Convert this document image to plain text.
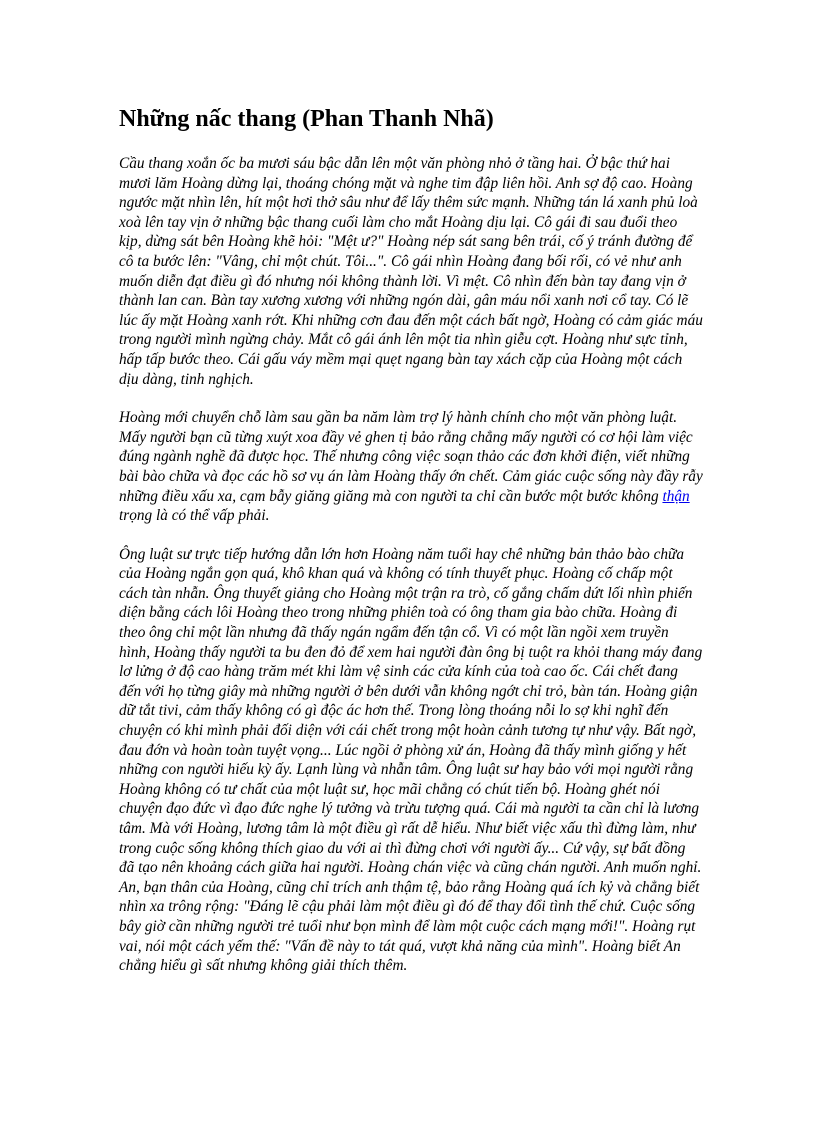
Những nấc thang (Phan Thanh Nhã)

Cầu thang xoắn ốc ba mươi sáu bậc dẫn lên một văn phòng nhỏ ở tầng hai. Ở bậc thứ hai mươi lăm Hoàng dừng lại, thoáng chóng mặt và nghe tim đập liên hồi. Anh sợ độ cao. Hoàng ngước mặt nhìn lên, hít một hơi thở sâu như để lấy thêm sức mạnh. Những tán lá xanh phủ loà xoà lên tay vịn ở những bậc thang cuối làm cho mắt Hoàng dịu lại. Cô gái đi sau đuổi theo kịp, dừng sát bên Hoàng khẽ hỏi: "Mệt ư?" Hoàng nép sát sang bên trái, cố ý tránh đường để cô ta bước lên: "Vâng, chỉ một chút. Tôi...". Cô gái nhìn Hoàng đang bối rối, có vẻ như anh muốn diễn đạt điều gì đó nhưng nói không thành lời. Vì mệt. Cô nhìn đến bàn tay đang vịn ở thành lan can. Bàn tay xương xương với những ngón dài, gân máu nổi xanh nơi cổ tay. Có lẽ lúc ấy mặt Hoàng xanh rớt. Khi những cơn đau đến một cách bất ngờ, Hoàng có cảm giác máu trong người mình ngừng chảy. Mắt cô gái ánh lên một tia nhìn giễu cợt. Hoàng như sực tỉnh, hấp tấp bước theo. Cái gấu váy mềm mại quẹt ngang bàn tay xách cặp của Hoàng một cách dịu dàng, tinh nghịch.

Hoàng mới chuyển chỗ làm sau gần ba năm làm trợ lý hành chính cho một văn phòng luật. Mấy người bạn cũ từng xuýt xoa đầy vẻ ghen tị bảo rằng chẳng mấy người có cơ hội làm việc đúng ngành nghề đã được học. Thế nhưng công việc soạn thảo các đơn khởi điện, viết những bài bào chữa và đọc các hồ sơ vụ án làm Hoàng thấy ớn chết. Cảm giác cuộc sống này đầy rẫy những điều xấu xa, cạm bẫy giăng giăng mà con người ta chỉ cần bước một bước không thận trọng là có thể vấp phải.

Ông luật sư trực tiếp hướng dẫn lớn hơn Hoàng năm tuổi hay chê những bản thảo bào chữa của Hoàng ngắn gọn quá, khô khan quá và không có tính thuyết phục. Hoàng cố chấp một cách tàn nhẫn. Ông thuyết giảng cho Hoàng một trận ra trò, cố gắng chấm dứt lối nhìn phiến diện bằng cách lôi Hoàng theo trong những phiên toà có ông tham gia bào chữa. Hoàng đi theo ông chỉ một lần nhưng đã thấy ngán ngẩm đến tận cổ. Vì có một lần ngồi xem truyền hình, Hoàng thấy người ta bu đen đỏ để xem hai người đàn ông bị tuột ra khỏi thang máy đang lơ lửng ở độ cao hàng trăm mét khi làm vệ sinh các cửa kính của toà cao ốc. Cái chết đang đến với họ từng giây mà những người ở bên dưới vẫn không ngớt chỉ trỏ, bàn tán. Hoàng giận dữ tắt tivi, cảm thấy không có gì độc ác hơn thế. Trong lòng thoáng nỗi lo sợ khi nghĩ đến chuyện có khi mình phải đối diện với cái chết trong một hoàn cảnh tương tự như vậy. Bất ngờ, đau đớn và hoàn toàn tuyệt vọng... Lúc ngồi ở phòng xử án, Hoàng đã thấy mình giống y hết những con người hiếu kỳ ấy. Lạnh lùng và nhẫn tâm. Ông luật sư hay bảo với mọi người rằng Hoàng không có tư chất của một luật sư, học mãi chẳng có chút tiến bộ. Hoàng ghét nói chuyện đạo đức vì đạo đức nghe lý tưởng và trừu tượng quá. Cái mà người ta cần chỉ là lương tâm. Mà với Hoàng, lương tâm là một điều gì rất dễ hiểu. Như biết việc xấu thì đừng làm, như trong cuộc sống không thích giao du với ai thì đừng chơi với người ấy... Cứ vậy, sự bất đồng đã tạo nên khoảng cách giữa hai người. Hoàng chán việc và cũng chán người. Anh muốn nghỉ. An, bạn thân của Hoàng, cũng chỉ trích anh thậm tệ, bảo rằng Hoàng quá ích kỷ và chẳng biết nhìn xa trông rộng: "Đáng lẽ cậu phải làm một điều gì đó để thay đổi tình thế chứ. Cuộc sống bây giờ cần những người trẻ tuổi như bọn mình để làm một cuộc cách mạng mới!". Hoàng rụt vai, nói một cách yếm thế: "Vấn đề này to tát quá, vượt khả năng của mình". Hoàng biết An chẳng hiểu gì sất nhưng không giải thích thêm.
